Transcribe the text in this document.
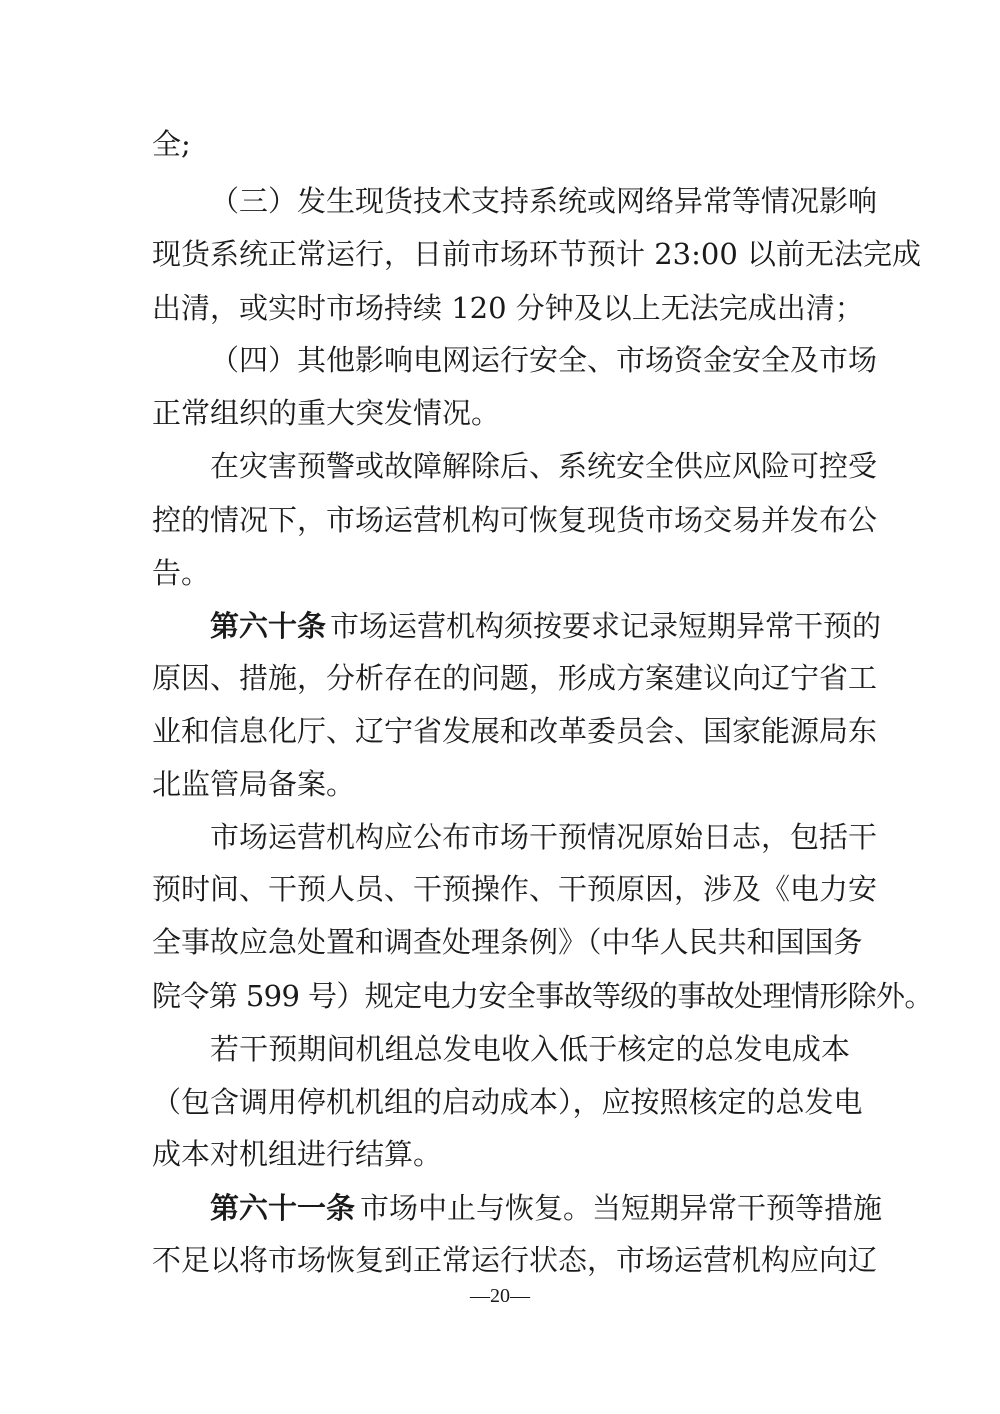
全;
（三）发生现货技术支持系统或网络异常等情况影响
现货系统正常运行，日前市场环节预计 23:00 以前无法完成
出清，或实时市场持续 120 分钟及以上无法完成出清；
（四）其他影响电网运行安全、市场资金安全及市场
正常组织的重大突发情况。
在灾害预警或故障解除后、系统安全供应风险可控受
控的情况下，市场运营机构可恢复现货市场交易并发布公
告。
第六十条 市场运营机构须按要求记录短期异常干预的
原因、措施，分析存在的问题，形成方案建议向辽宁省工
业和信息化厅、辽宁省发展和改革委员会、国家能源局东
北监管局备案。
市场运营机构应公布市场干预情况原始日志，包括干
预时间、干预人员、干预操作、干预原因，涉及《电力安
全事故应急处置和调查处理条例》（中华人民共和国国务
院令第 599 号）规定电力安全事故等级的事故处理情形除外。
若干预期间机组总发电收入低于核定的总发电成本
（包含调用停机机组的启动成本），应按照核定的总发电
成本对机组进行结算。
第六十一条 市场中止与恢复。当短期异常干预等措施
不足以将市场恢复到正常运行状态，市场运营机构应向辽
—20—
